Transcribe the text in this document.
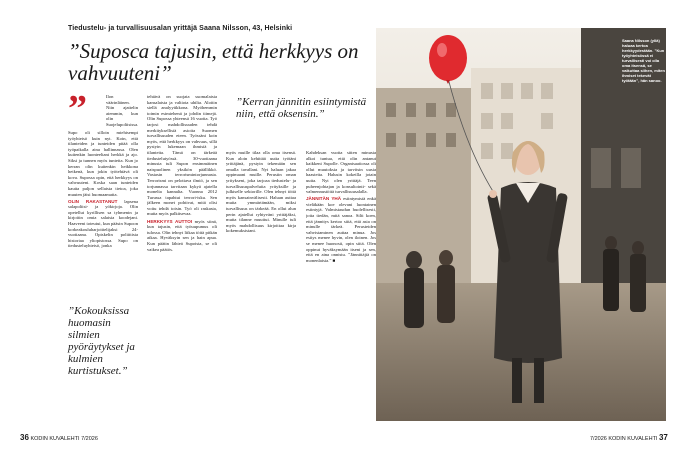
Tiedustelu- ja turvallisuusalan yrittäjä Saana Nilsson, 43, Helsinki
”Suposса tajusin, että herkkyys on vahvuuteni”
”	Ilon väärinläinen. Niin ajattelin aiemmin, kun olin Suojelupoliisissa.

Supo oli silloin miehisempi työyhteisö kuin nyt. Koin, että tilanteiden ja tunteiden pitää olla työpaikalla aina hallinnassa. Olen kuitenkin luonteeltani herkkä ja ajo. Siksi ja tunnen myös tunteita. Kun jo kerran olin kuitenkin heikkona hetkenä, kun jokin työtehtävä oli kova. Supossa opin, että herkkyys on vahvuuteni. Koska saan tunteiden kautta paljon sellaista tietoa, joka muuten jäisi huomaamatta.

OLIN RAKASTANUT lapsena salapoliisi- ja yökirjoja. Olin opetellut kyrillisen sa tyhmenin ja kirjoitin omia salaisia koodejani. Haaveeni toteutui, kun pääsin Supoon korkeakouluharjoittelijaksi 24-vuotiaana. Opiskelin poliittista historiaa yliopistossa. Supo on tiedusteluyhteisö, jonka

”Kokouksissa huomasin silmien pyöräytykset ja kulmien kurtistukset.”

tehtävä on suojata suomalaista kansalaista ja valtiota uhilta. Aloitin siellä analyytikkona. Myöhemmin toimin esimiehenä ja johdin tiimejä. Olin Supossa yhteensä 16 vuotta. Työ tarjosi mahdollisuuden tehdä merkityksellisiä asioita Suomen turvallisuuden eteen. Työssäni koin myös, että herkkyys on vahvuus, sillä pystyin lukemaan ihmisiä ja tilanteita. Tämä on tärkeää tiedustelutyössä. 30-vuotiaana minusta tuli Supon ensimmäinen naispuolinen yksikön päällikkö. Vastasin terrorismintorjunnasta. Terrorismi on pelottava ilmiö, ja sen torjunnassa tarvitaan kykyä ajatella monelta kannalta. Vuonna 2012 Turussa tapahtui terrori-isku. Sen jälkeen monet pohtivat, mitä olisi voitu tehdä toisin. Työ oli raskasta, mutta myös palkitsevaa.

HERKKYYS AUTTOI myös siinä, kun tajusin, että työuupumus oli tulossa. Olin tehnyt liikaa töitä pitkän aikaa. Hyväksyin sen ja hain apua. Kun päätin lähteä Supoista, se oli vaikea päätös.

”Kerran jännitin esiintymistä niin, että oksensin.”

myös muille tilaa olla oma itsensä. Kun aloin kehittää uutta työtäni yrittäjänä, pystyin tekemään sen omalla tavallani. Nyt haluan jakaa oppimaani muille. Perustin oman yritykseni, joka tarjoaa tiedustelu- ja turvallisuuspalveluita yrityksille ja julkiselle sektorille. Olen tehnyt töitä myös kansainvälisesti. Haluan auttaa muita ymmärtämään, miksi turvallisuus on tärkeää. En ollut alun perin ajatellut ryhtyväni yrittäjäksi, mutta tilanne muuttui. Minulle tuli myös mahdollisuus kirjoittaa kirja kokemuksistani.

Kahdeksan vuotta sitten minusta alkoi tuntua, että olin antanut kaikkeni Supolle. Organisaatiossa oli ollut muutoksia ja tarvitsin uusia haasteita. Halusin kokeilla jotain uutta. Nyt olen yrittäjä. Teen puheenjohtajan ja konsultointi- sekä valmennustöitä turvallisuusalalla.

JÄNNITÄN YHÄ esiintymistä enkä vieläkään koe olevani luontainen esiintyjä. Valmistaudun huolellisesti, jotta tiedän, mitä sanoa. Silti koen, että jännitys kertoo siitä, että asia on minulle tärkeä. Perusteiden vahvistaminen auttaa minua. Jos esitys menee hyvin, olen iloinen. Jos se menee huonosti, opin siitä. Olen oppinut hyväksymään itseni ja sen, että en aina onnistu. ”Jännittäjiä on monenlaisia.” ■

Saana Nilsson (yllä) haluaa kertoa herkkyydestään. ”Kun työyhteisössä ei turvallisesti voi olla oma itsensä, se vaikuttaa siihen, miten ihmiset tekevät työtään”, hän sanoo.
36 KODIN KUVALEHTI 7/2026	7/2026 KODIN KUVALEHTI 37
